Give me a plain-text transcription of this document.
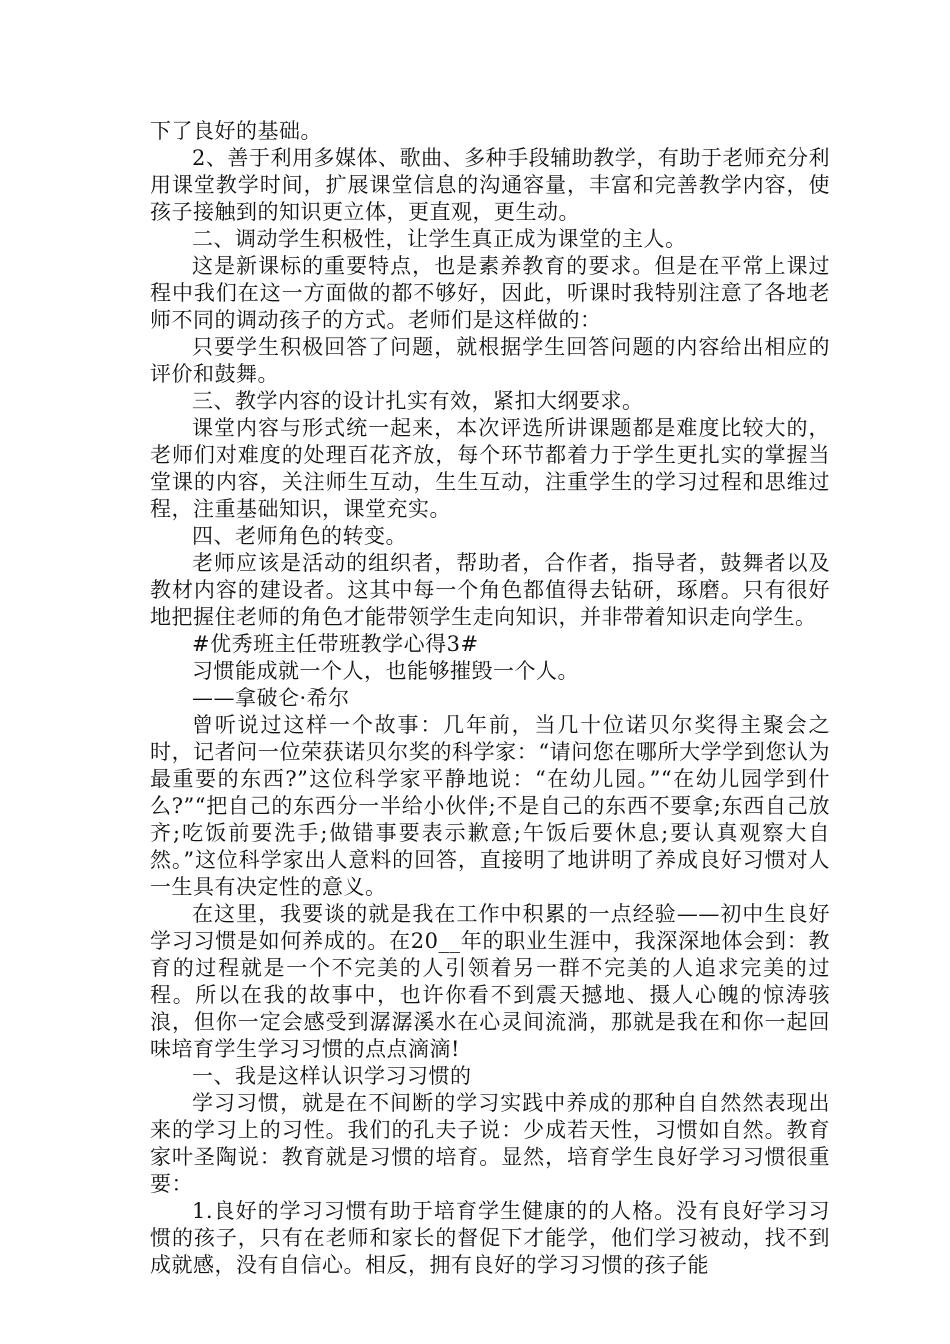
下了良好的基础。

2、善于利用多媒体、歌曲、多种手段辅助教学，有助于老师充分利用课堂教学时间，扩展课堂信息的沟通容量，丰富和完善教学内容，使孩子接触到的知识更立体，更直观，更生动。

二、调动学生积极性，让学生真正成为课堂的主人。

这是新课标的重要特点，也是素养教育的要求。但是在平常上课过程中我们在这一方面做的都不够好，因此，听课时我特别注意了各地老师不同的调动孩子的方式。老师们是这样做的：

只要学生积极回答了问题，就根据学生回答问题的内容给出相应的评价和鼓舞。

三、教学内容的设计扎实有效，紧扣大纲要求。

课堂内容与形式统一起来，本次评选所讲课题都是难度比较大的，老师们对难度的处理百花齐放，每个环节都着力于学生更扎实的掌握当堂课的内容，关注师生互动，生生互动，注重学生的学习过程和思维过程，注重基础知识，课堂充实。

四、老师角色的转变。

老师应该是活动的组织者，帮助者，合作者，指导者，鼓舞者以及教材内容的建设者。这其中每一个角色都值得去钻研，琢磨。只有很好地把握住老师的角色才能带领学生走向知识，并非带着知识走向学生。

#优秀班主任带班教学心得3#

习惯能成就一个人，也能够摧毁一个人。

——拿破仑·希尔

曾听说过这样一个故事：几年前，当几十位诺贝尔奖得主聚会之时，记者问一位荣获诺贝尔奖的科学家：“请问您在哪所大学学到您认为最重要的东西?”这位科学家平静地说：“在幼儿园。”“在幼儿园学到什么?”“把自己的东西分一半给小伙伴;不是自己的东西不要拿;东西自己放齐;吃饭前要洗手;做错事要表示歉意;午饭后要休息;要认真观察大自然。”这位科学家出人意料的回答，直接明了地讲明了养成良好习惯对人一生具有决定性的意义。

在这里，我要谈的就是我在工作中积累的一点经验——初中生良好学习习惯是如何养成的。在20__年的职业生涯中，我深深地体会到：教育的过程就是一个不完美的人引领着另一群不完美的人追求完美的过程。所以在我的故事中，也许你看不到震天撼地、摄人心魄的惊涛骇浪，但你一定会感受到潺潺溪水在心灵间流淌，那就是我在和你一起回味培育学生学习习惯的点点滴滴!

一、我是这样认识学习习惯的

学习习惯，就是在不间断的学习实践中养成的那种自自然然表现出来的学习上的习性。我们的孔夫子说：少成若天性，习惯如自然。教育家叶圣陶说：教育就是习惯的培育。显然，培育学生良好学习习惯很重要：

1.良好的学习习惯有助于培育学生健康的的人格。没有良好学习习惯的孩子，只有在老师和家长的督促下才能学，他们学习被动，找不到成就感，没有自信心。相反，拥有良好的学习习惯的孩子能
